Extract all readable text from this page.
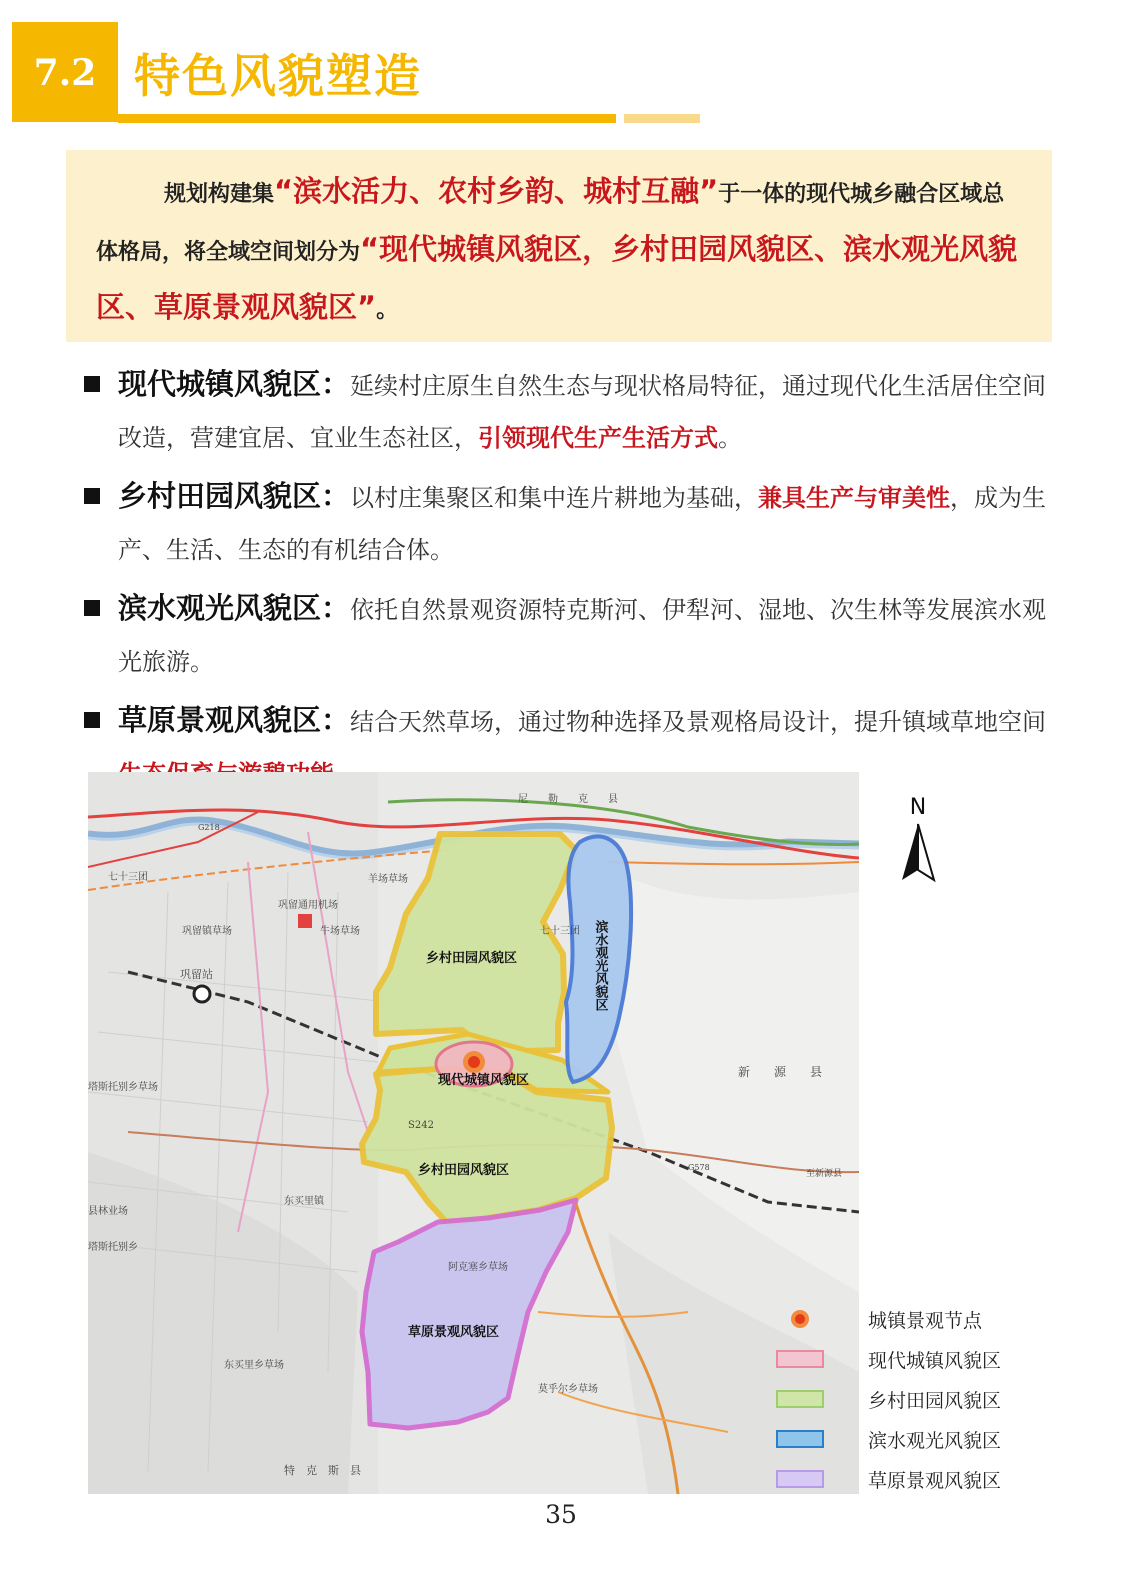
7.2 特色风貌塑造

规划构建集“滨水活力、农村乡韵、城村互融”于一体的现代城乡融合区域总体格局，将全域空间划分为“现代城镇风貌区，乡村田园风貌区、滨水观光风貌区、草原景观风貌区”。

现代城镇风貌区：延续村庄原生自然生态与现状格局特征，通过现代化生活居住空间改造，营建宜居、宜业生态社区，引领现代生产生活方式。
乡村田园风貌区：以村庄集聚区和集中连片耕地为基础，兼具生产与审美性，成为生产、生活、生态的有机结合体。
滨水观光风貌区：依托自然景观资源特克斯河、伊犁河、湿地、次生林等发展滨水观光旅游。
草原景观风貌区：结合天然草场，通过物种选择及景观格局设计，提升镇域草地空间
乡村田园风貌区
现代城镇风貌区
乡村田园风貌区
草原景观风貌区
滨水观光风貌区
尼　　勒　　克　　县
新　　源　　县
特　克　斯　县
巩留通用机场
巩留站
羊场草场
牛场草场
巩留镇草场
塔斯托别乡草场
东买里镇
东买里乡草场
塔斯托别乡
县林业场
阿克塞乡草场
莫乎尔乡草场
七十三团
七十三团
S242
G218
G578
至新源县
N
城镇景观节点
现代城镇风貌区
乡村田园风貌区
滨水观光风貌区
草原景观风貌区
35
